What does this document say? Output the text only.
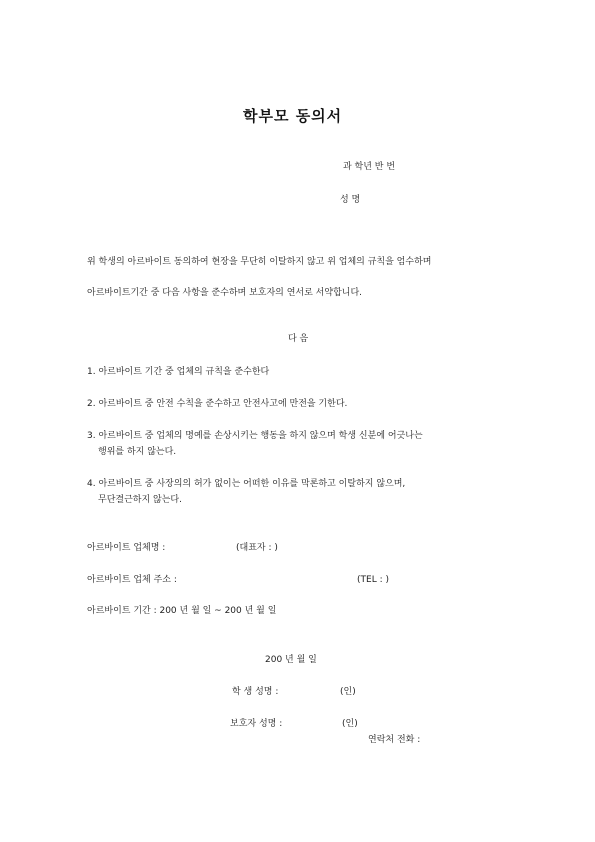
학부모 동의서
과 학년 반 번
성 명
위 학생의 아르바이트 동의하여 현장을 무단히 이탈하지 않고 위 업체의 규칙을 엄수하며
아르바이트기간 중 다음 사항을 준수하며 보호자의 연서로 서약합니다.
다 음
1. 아르바이트 기간 중 업체의 규칙을 준수한다
2. 아르바이트 중 안전 수칙을 준수하고 안전사고에 만전을 기한다.
3. 아르바이트 중 업체의 명예를 손상시키는 행동을 하지 않으며 학생 신분에 어긋나는
행위를 하지 않는다.
4. 아르바이트 중 사장의의 허가 없이는 어떠한 이유를 막론하고 이탈하지 않으며,
무단결근하지 않는다.
아르바이트 업체명 :	(대표자 : )
아르바이트 업체 주소 :	(TEL : )
아르바이트 기간 : 200 년 월 일 ~ 200 년 월 일
200 년 월 일
학 생 성명 :	(인)
보호자 성명 :	(인)
연락처 전화 :
